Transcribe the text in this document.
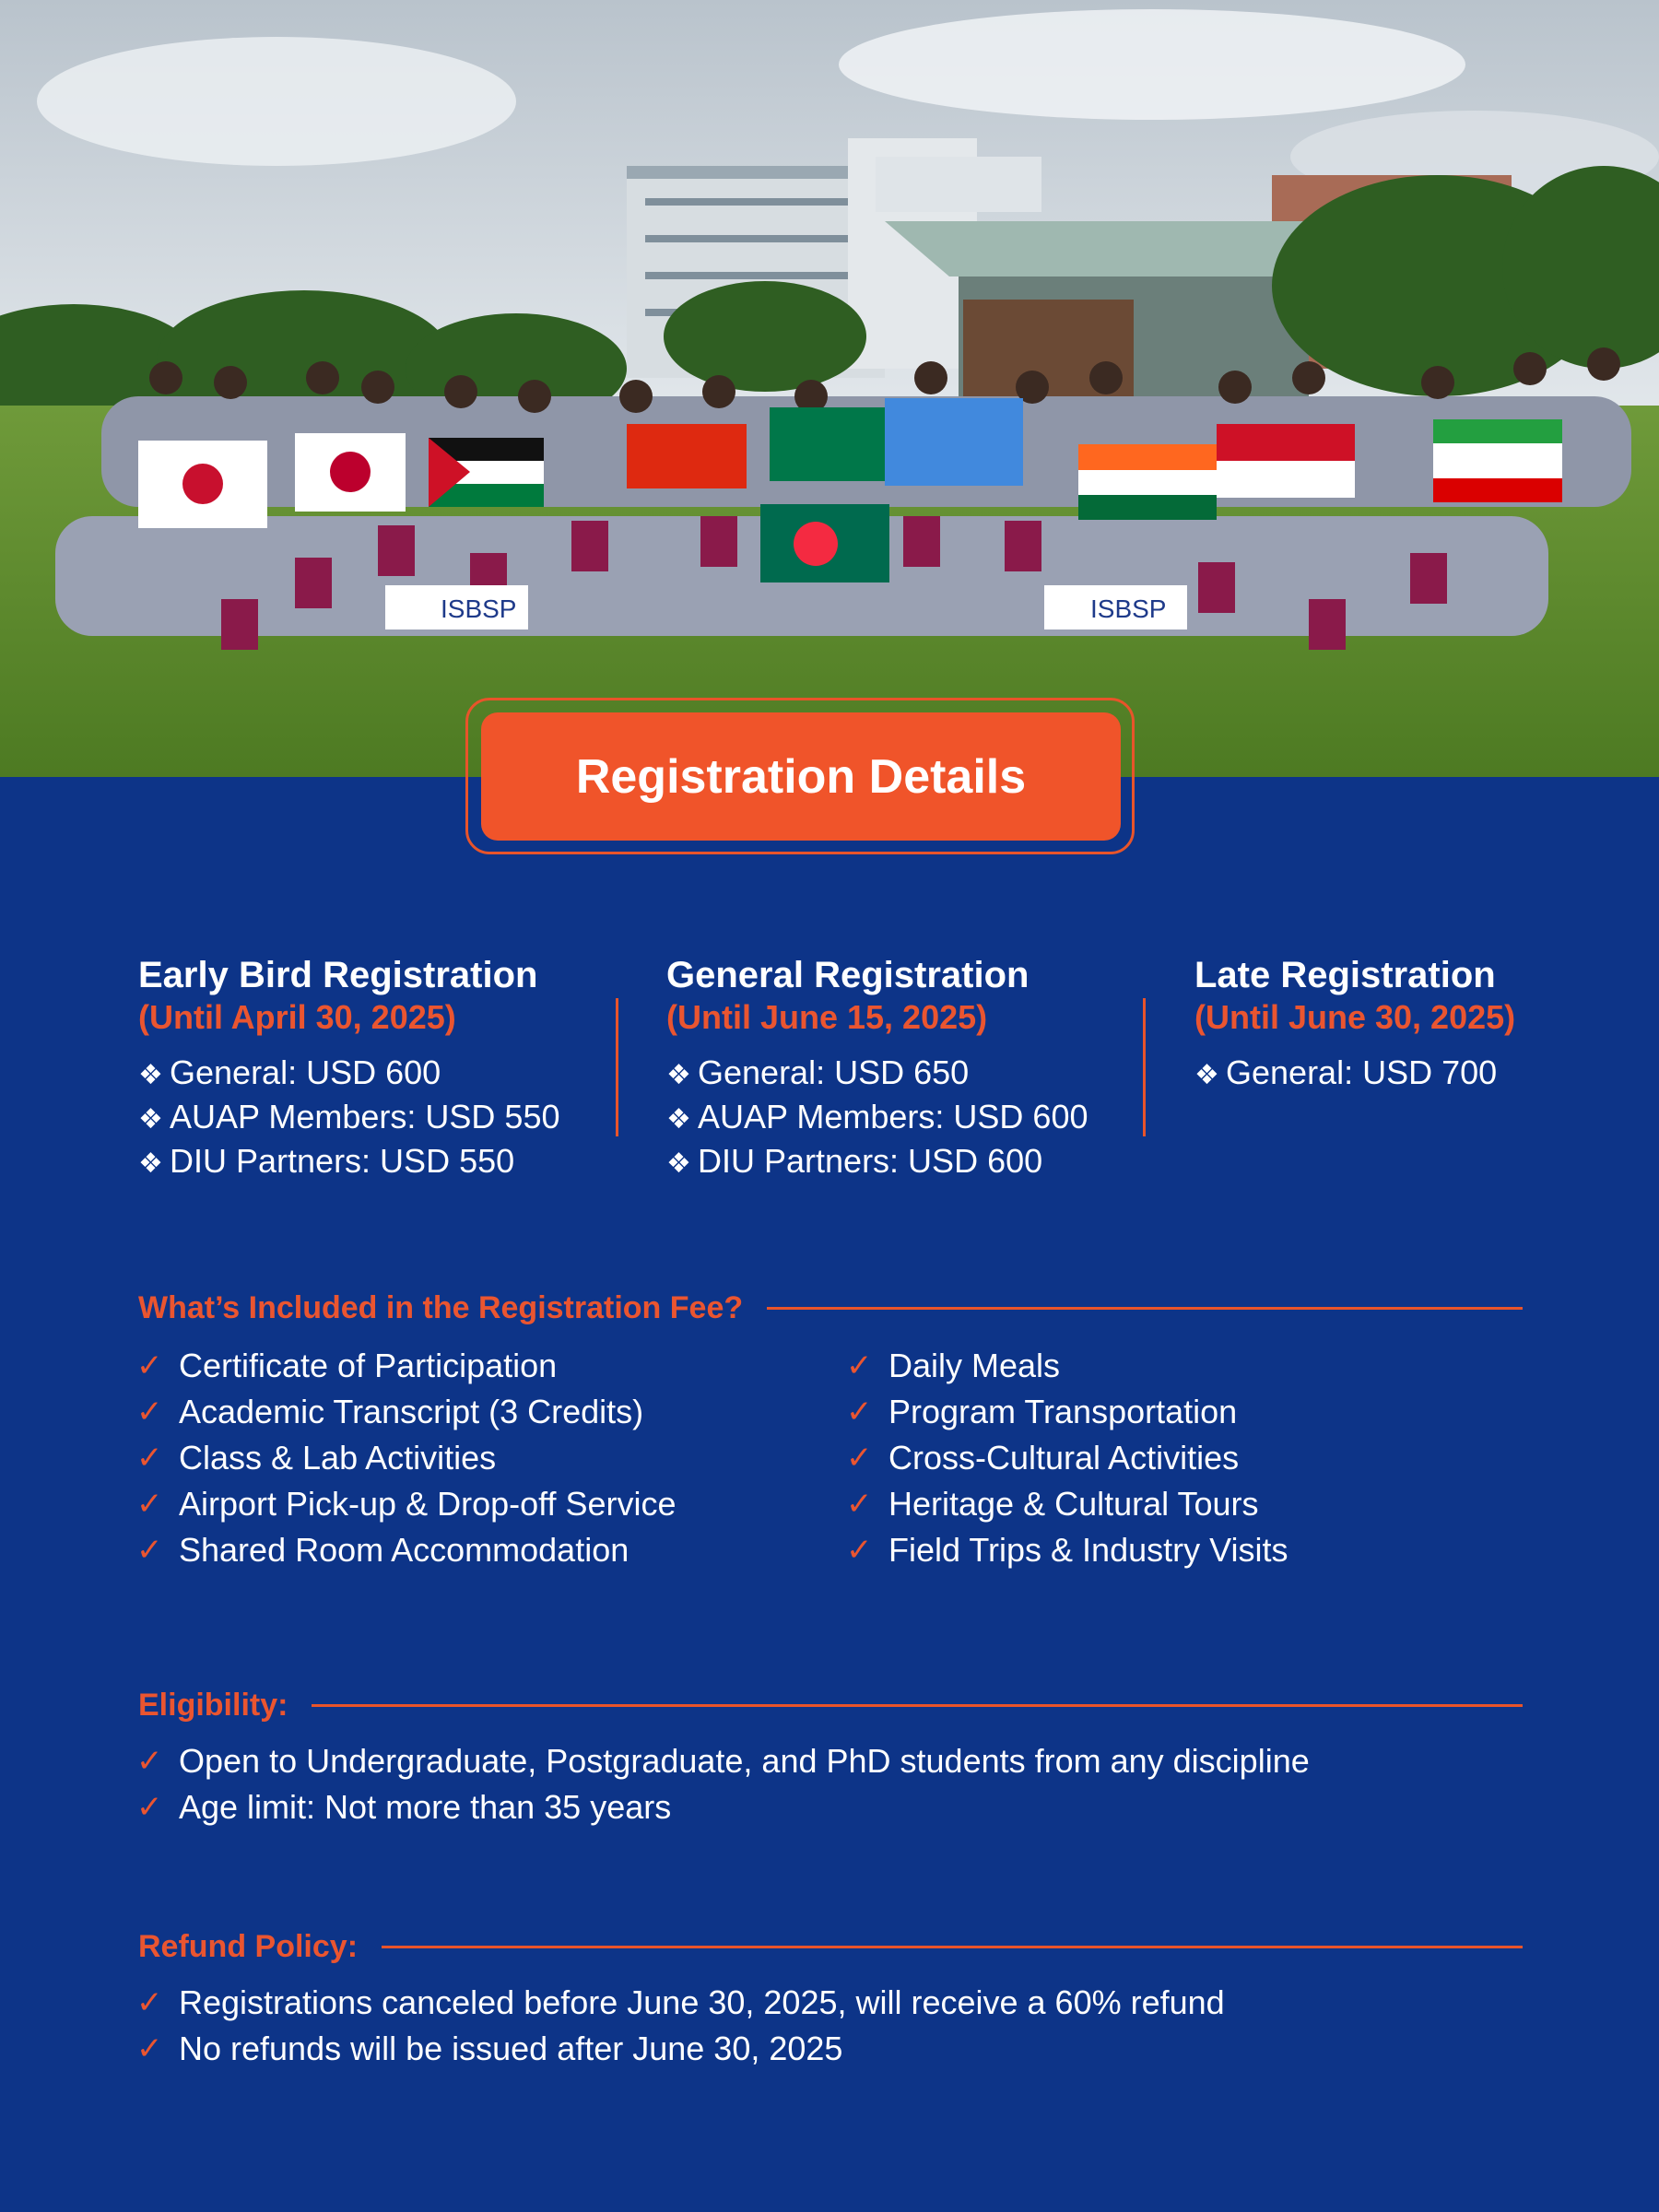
ISBSP	ISBSP
Registration Details
Early Bird Registration
(Until April 30, 2025)
❖ General: USD 600
❖ AUAP Members: USD 550
❖ DIU Partners: USD 550
General Registration
(Until June 15, 2025)
❖ General: USD 650
❖ AUAP Members: USD 600
❖ DIU Partners: USD 600
Late Registration
(Until June 30, 2025)
❖ General: USD 700
What’s Included in the Registration Fee?
✓ Certificate of Participation
✓ Academic Transcript (3 Credits)
✓ Class & Lab Activities
✓ Airport Pick-up & Drop-off Service
✓ Shared Room Accommodation
✓ Daily Meals
✓ Program Transportation
✓ Cross-Cultural Activities
✓ Heritage & Cultural Tours
✓ Field Trips & Industry Visits
Eligibility:
✓ Open to Undergraduate, Postgraduate, and PhD students from any discipline
✓ Age limit: Not more than 35 years
Refund Policy:
✓ Registrations canceled before June 30, 2025, will receive a 60% refund
✓ No refunds will be issued after June 30, 2025
